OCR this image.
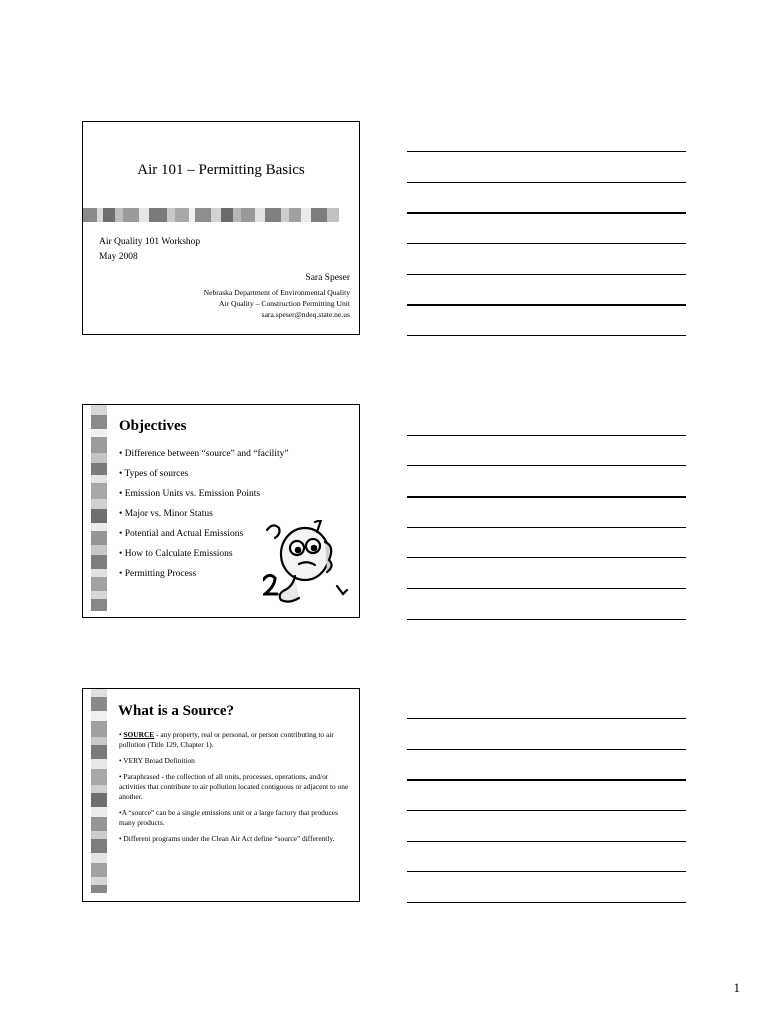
Air 101 – Permitting Basics
Air Quality 101 Workshop
May 2008
Sara Speser
Nebraska Department of Environmental Quality
Air Quality – Construction Permitting Unit
sara.speser@ndeq.state.ne.us
Objectives
• Difference between “source” and “facility”
• Types of sources
• Emission Units vs. Emission Points
• Major vs. Minor Status
• Potential and Actual Emissions
• How to Calculate Emissions
• Permitting Process
What is a Source?
• SOURCE - any property, real or personal, or person contributing to air pollution (Title 129, Chapter 1).
• VERY Broad Definition
• Paraphrased - the collection of all units, processes, operations, and/or activities that contribute to air pollution located contiguous or adjacent to one another.
•A “source” can be a single emissions unit or a large factory that produces many products.
• Different programs under the Clean Air Act define “source” differently.
1
